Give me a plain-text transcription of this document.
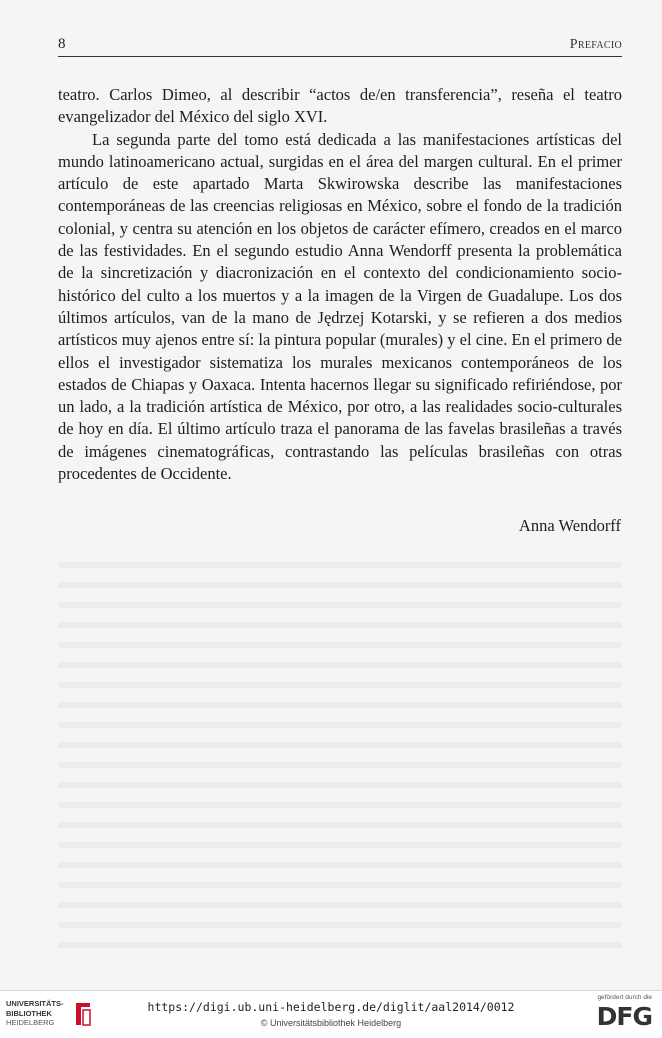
8	Prefacio

teatro. Carlos Dimeo, al describir “actos de/en transferencia”, reseña el teatro evangelizador del México del siglo XVI.

La segunda parte del tomo está dedicada a las manifestaciones artísticas del mundo latinoamericano actual, surgidas en el área del margen cultural. En el primer artículo de este apartado Marta Skwirowska describe las manifestaciones contemporáneas de las creencias religiosas en México, sobre el fondo de la tradición colonial, y centra su atención en los objetos de carácter efímero, creados en el marco de las festividades. En el segundo estudio Anna Wendorff presenta la problemática de la sincretización y diacronización en el contexto del condicionamiento socio-histórico del culto a los muertos y a la imagen de la Virgen de Guadalupe. Los dos últimos artículos, van de la mano de Jędrzej Kotarski, y se refieren a dos medios artísticos muy ajenos entre sí: la pintura popular (murales) y el cine. En el primero de ellos el investigador sistematiza los murales mexicanos contemporáneos de los estados de Chiapas y Oaxaca. Intenta hacernos llegar su significado refiriéndose, por un lado, a la tradición artística de México, por otro, a las realidades socio-culturales de hoy en día. El último artículo traza el panorama de las favelas brasileñas a través de imágenes cinematográficas, contrastando las películas brasileñas con otras procedentes de Occidente.

Anna Wendorff
UNIVERSITÄTS-
BIBLIOTHEK
HEIDELBERG
https://digi.ub.uni-heidelberg.de/diglit/aal2014/0012
© Universitätsbibliothek Heidelberg
gefördert durch die
DFG
